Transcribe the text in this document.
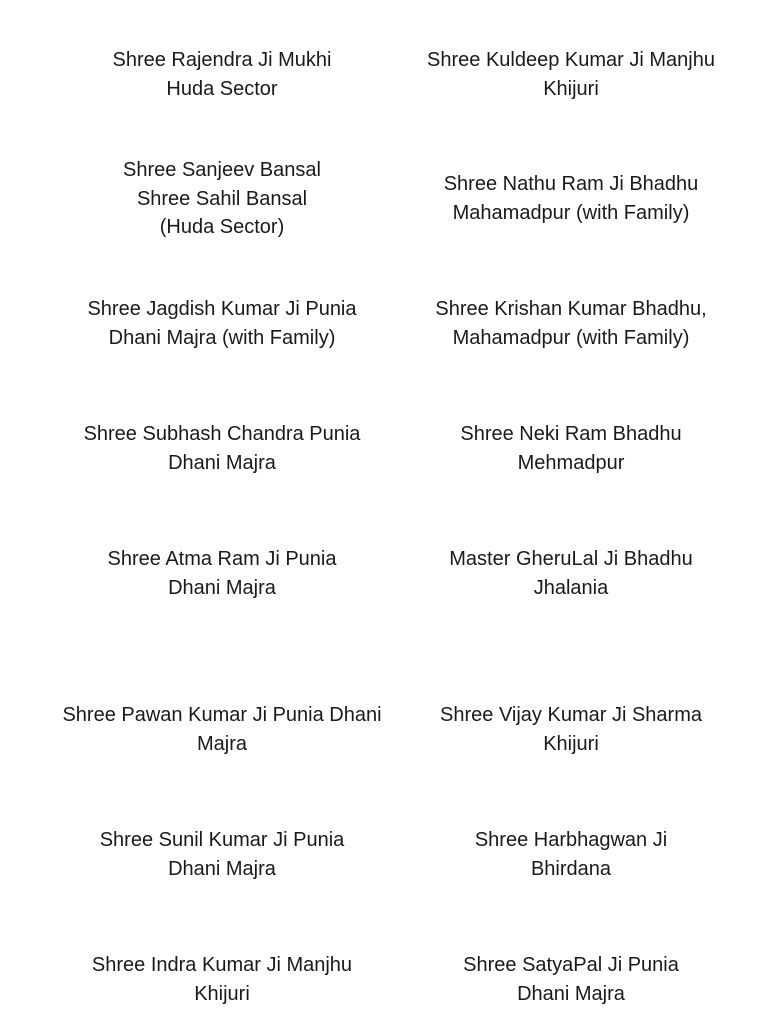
Shree Rajendra Ji Mukhi
Huda Sector
Shree Kuldeep Kumar Ji Manjhu
Khijuri
Shree Sanjeev Bansal
Shree Sahil Bansal
(Huda Sector)
Shree Nathu Ram Ji Bhadhu
Mahamadpur (with Family)
Shree Jagdish Kumar Ji Punia
Dhani Majra (with Family)
Shree Krishan Kumar Bhadhu,
Mahamadpur (with Family)
Shree Subhash Chandra Punia
Dhani Majra
Shree Neki Ram Bhadhu
Mehmadpur
Shree Atma Ram Ji Punia
Dhani Majra
Master GheruLal Ji Bhadhu
Jhalania
Shree Pawan Kumar Ji Punia Dhani
Majra
Shree Vijay Kumar Ji Sharma
Khijuri
Shree Sunil Kumar Ji Punia
Dhani Majra
Shree Harbhagwan Ji
Bhirdana
Shree Indra Kumar Ji Manjhu
Khijuri
Shree SatyaPal Ji Punia
Dhani Majra
